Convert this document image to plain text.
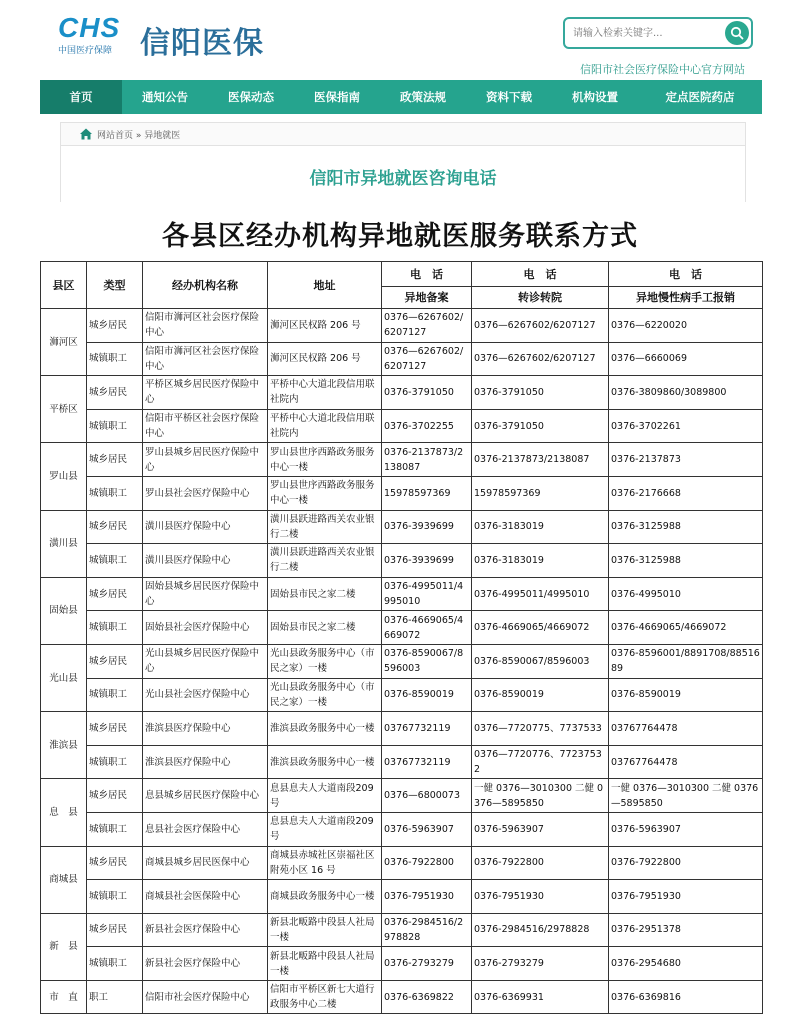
CHS
中国医疗保障 信阳医保
请输入检索关键字...
信阳市社会医疗保险中心官方网站
首页	通知公告	医保动态	医保指南	政策法规	资料下载	机构设置	定点医院药店
网站首页 » 异地就医
信阳市异地就医咨询电话
各县区经办机构异地就医服务联系方式
县区	类型	经办机构名称	地址	电　话	电　话	电　话
				异地备案	转诊转院	异地慢性病手工报销
浉河区	城乡居民	信阳市浉河区社会医疗保险中心	浉河区民权路 206 号	0376—6267602/6207127	0376—6267602/6207127	0376—6220020
	城镇职工	信阳市浉河区社会医疗保险中心	浉河区民权路 206 号	0376—6267602/6207127	0376—6267602/6207127	0376—6660069
平桥区	城乡居民	平桥区城乡居民医疗保险中心	平桥中心大道北段信用联社院内	0376-3791050	0376-3791050	0376-3809860/3089800
	城镇职工	信阳市平桥区社会医疗保险中心	平桥中心大道北段信用联社院内	0376-3702255	0376-3791050	0376-3702261
罗山县	城乡居民	罗山县城乡居民医疗保险中心	罗山县世序西路政务服务中心一楼	0376-2137873/2138087	0376-2137873/2138087	0376-2137873
	城镇职工	罗山县社会医疗保险中心	罗山县世序西路政务服务中心一楼	15978597369	15978597369	0376-2176668
潢川县	城乡居民	潢川县医疗保险中心	潢川县跃进路西关农业银行二楼	0376-3939699	0376-3183019	0376-3125988
	城镇职工	潢川县医疗保险中心	潢川县跃进路西关农业银行二楼	0376-3939699	0376-3183019	0376-3125988
固始县	城乡居民	固始县城乡居民医疗保险中心	固始县市民之家二楼	0376-4995011/4995010	0376-4995011/4995010	0376-4995010
	城镇职工	固始县社会医疗保险中心	固始县市民之家二楼	0376-4669065/4669072	0376-4669065/4669072	0376-4669065/4669072
光山县	城乡居民	光山县城乡居民医疗保险中心	光山县政务服务中心（市民之家）一楼	0376-8590067/8596003	0376-8590067/8596003	0376-8596001/8891708/8851689
	城镇职工	光山县社会医疗保险中心	光山县政务服务中心（市民之家）一楼	0376-8590019	0376-8590019	0376-8590019
淮滨县	城乡居民	淮滨县医疗保险中心	淮滨县政务服务中心一楼	03767732119	0376—7720775、7737533	03767764478
	城镇职工	淮滨县医疗保险中心	淮滨县政务服务中心一楼	03767732119	0376—7720776、77237532	03767764478
息　县	城乡居民	息县城乡居民医疗保险中心	息县息夫人大道南段209 号	0376—6800073	一健 0376—3010300 二健 0376—5895850	一健 0376—3010300 二健 0376—5895850
	城镇职工	息县社会医疗保险中心	息县息夫人大道南段209 号	0376-5963907	0376-5963907	0376-5963907
商城县	城乡居民	商城县城乡居民医保中心	商城县赤城社区崇福社区附苑小区 16 号	0376-7922800	0376-7922800	0376-7922800
	城镇职工	商城县社会医保险中心	商城县政务服务中心一楼	0376-7951930	0376-7951930	0376-7951930
新　县	城乡居民	新县社会医疗保险中心	新县北畈路中段县人社局一楼	0376-2984516/2978828	0376-2984516/2978828	0376-2951378
	城镇职工	新县社会医疗保险中心	新县北畈路中段县人社局一楼	0376-2793279	0376-2793279	0376-2954680
市　直	职工	信阳市社会医疗保险中心	信阳市平桥区新七大道行政服务中心二楼	0376-6369822	0376-6369931	0376-6369816
